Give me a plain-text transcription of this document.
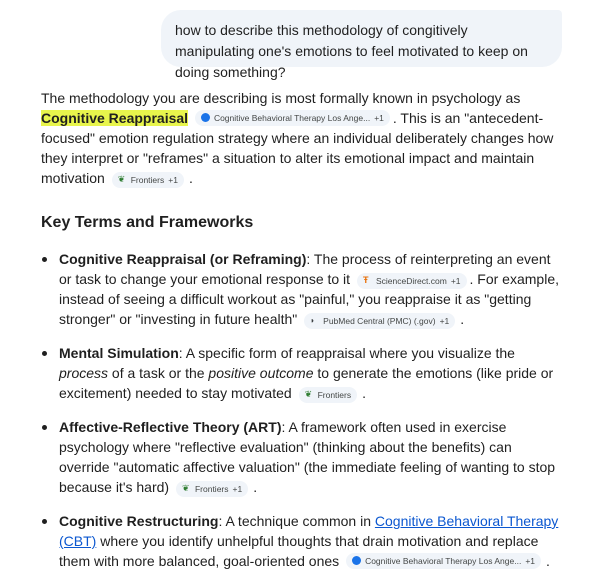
how to describe this methodology of congitively manipulating one's emotions to feel motivated to keep on doing something?

The methodology you are describing is most formally known in psychology as Cognitive Reappraisal	Cognitive Behavioral Therapy Los Ange... +1 . This is an "antecedent-focused" emotion regulation strategy where an individual deliberately changes how they interpret or "reframes" a situation to alter its emotional impact and maintain motivation ❦ Frontiers +1 .

Key Terms and Frameworks
Cognitive Reappraisal (or Reframing): The process of reinterpreting an event or task to change your emotional response to it Ŧ ScienceDirect.com +1 . For example, instead of seeing a difficult workout as "painful," you reappraise it as "getting stronger" or "investing in future health" ◗ PubMed Central (PMC) (.gov) +1 .
Mental Simulation: A specific form of reappraisal where you visualize the process of a task or the positive outcome to generate the emotions (like pride or excitement) needed to stay motivated ❦ Frontiers .
Affective-Reflective Theory (ART): A framework often used in exercise psychology where "reflective evaluation" (thinking about the benefits) can override "automatic affective valuation" (the immediate feeling of wanting to stop because it's hard) ❦ Frontiers +1 .
Cognitive Restructuring: A technique common in Cognitive Behavioral Therapy (CBT) where you identify unhelpful thoughts that drain motivation and replace them with more balanced, goal-oriented ones	Cognitive Behavioral Therapy Los Ange... +1 .
